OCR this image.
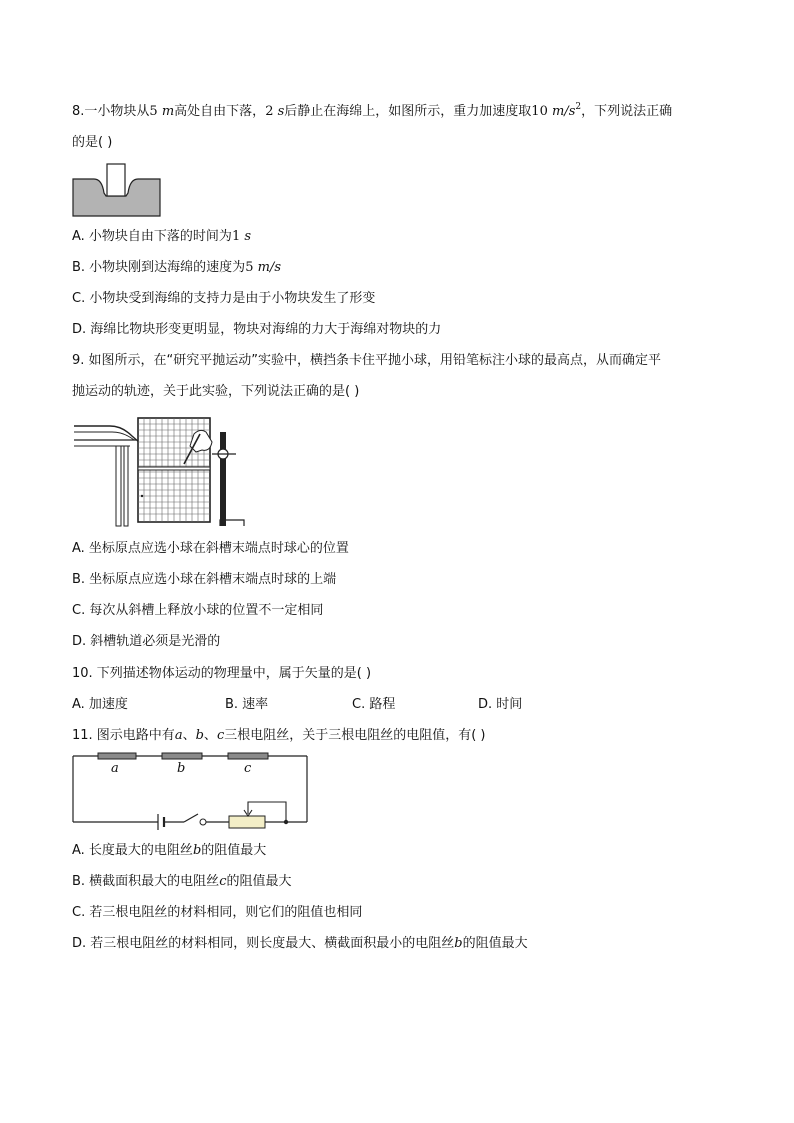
8.一小物块从5 m高处自由下落，2 s后静止在海绵上，如图所示，重力加速度取10 $m/s^2$，下列说法正确
的是( )
A. 小物块自由下落的时间为1 s
B. 小物块刚到达海绵的速度为5 m/s
C. 小物块受到海绵的支持力是由于小物块发生了形变
D. 海绵比物块形变更明显，物块对海绵的力大于海绵对物块的力
9. 如图所示，在“研究平抛运动”实验中，横挡条卡住平抛小球，用铅笔标注小球的最高点，从而确定平
抛运动的轨迹，关于此实验，下列说法正确的是( )
A. 坐标原点应选小球在斜槽末端点时球心的位置
B. 坐标原点应选小球在斜槽末端点时球的上端
C. 每次从斜槽上释放小球的位置不一定相同
D. 斜槽轨道必须是光滑的
10. 下列描述物体运动的物理量中，属于矢量的是( )
A. 加速度	B. 速率	C. 路程	D. 时间
11. 图示电路中有a、b、c三根电阻丝，关于三根电阻丝的电阻值，有( )
a	b	c
A. 长度最大的电阻丝b的阻值最大
B. 横截面积最大的电阻丝c的阻值最大
C. 若三根电阻丝的材料相同，则它们的阻值也相同
D. 若三根电阻丝的材料相同，则长度最大、横截面积最小的电阻丝b的阻值最大
